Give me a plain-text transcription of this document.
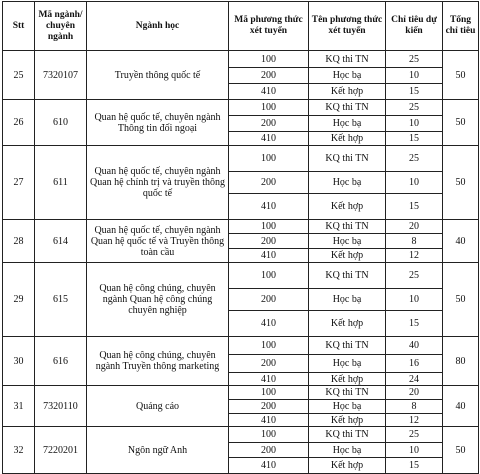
Stt	Mã ngành/ chuyên ngành	Ngành học	Mã phương thức xét tuyển	Tên phương thức xét tuyển	Chỉ tiêu dự kiến	Tổng chỉ tiêu
25	7320107	Truyền thông quốc tế	100	KQ thi TN	25	50
			200	Học bạ	10	
			410	Kết hợp	15	
26	610	Quan hệ quốc tế, chuyên ngành Thông tin đối ngoại	100	KQ thi TN	25	50
			200	Học bạ	10	
			410	Kết hợp	15	
27	611	Quan hệ quốc tế, chuyên ngành Quan hệ chính trị và truyền thông quốc tế	100	KQ thi TN	25	50
			200	Học bạ	10	
			410	Kết hợp	15	
28	614	Quan hệ quốc tế, chuyên ngành Quan hệ quốc tế và Truyền thông toàn cầu	100	KQ thi TN	20	40
			200	Học bạ	8	
			410	Kết hợp	12	
29	615	Quan hệ công chúng, chuyên ngành Quan hệ công chúng chuyên nghiệp	100	KQ thi TN	25	50
			200	Học bạ	10	
			410	Kết hợp	15	
30	616	Quan hệ công chúng, chuyên ngành Truyền thông marketing	100	KQ thi TN	40	80
			200	Học bạ	16	
			410	Kết hợp	24	
31	7320110	Quảng cáo	100	KQ thi TN	20	40
			200	Học bạ	8	
			410	Kết hợp	12	
32	7220201	Ngôn ngữ Anh	100	KQ thi TN	25	50
			200	Học bạ	10	
			410	Kết hợp	15	
